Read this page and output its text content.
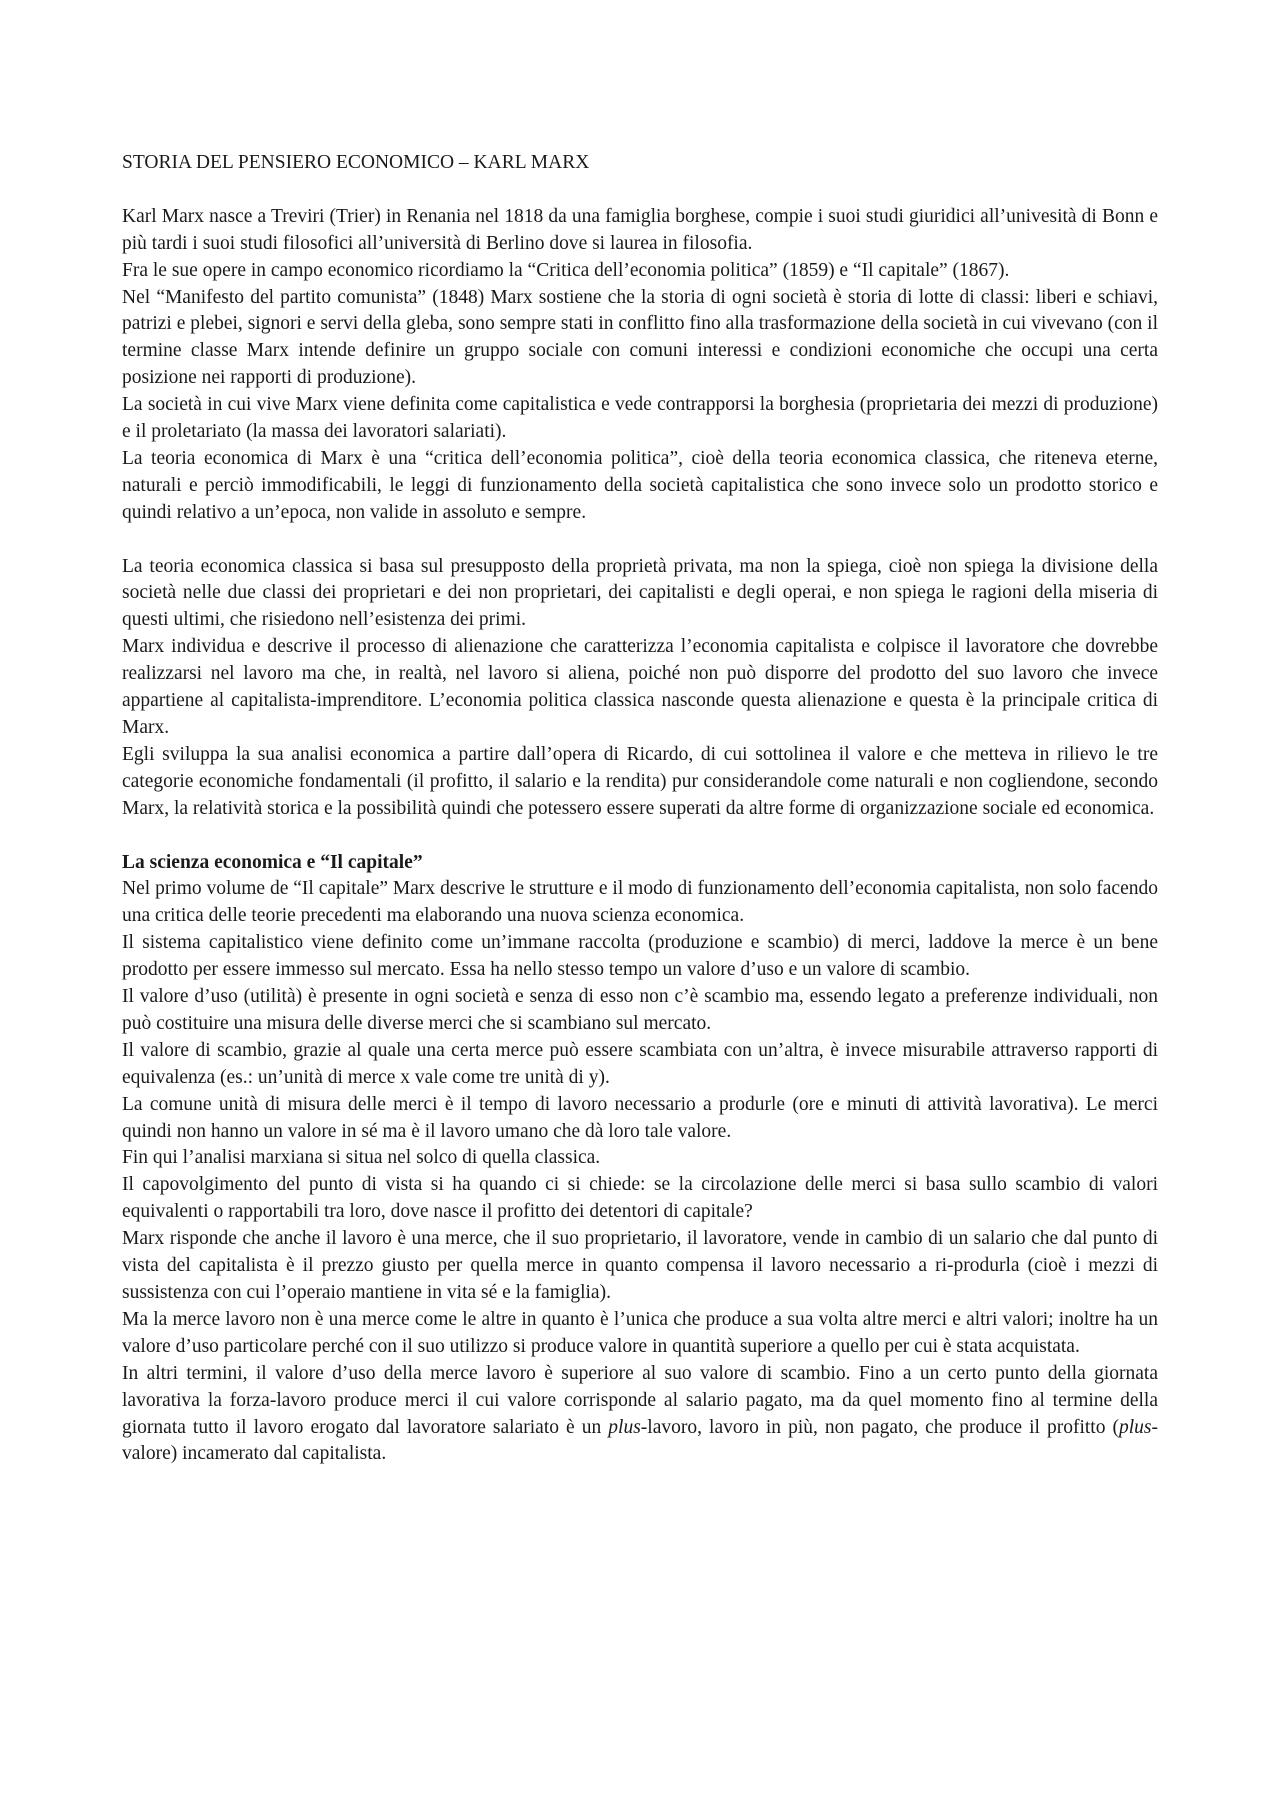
STORIA DEL PENSIERO ECONOMICO – KARL MARX

Karl Marx nasce a Treviri (Trier) in Renania nel 1818 da una famiglia borghese, compie i suoi studi giuridici all’univesità di Bonn e più tardi i suoi studi filosofici all’università di Berlino dove si laurea in filosofia.

Fra le sue opere in campo economico ricordiamo la “Critica dell’economia politica” (1859) e “Il capitale” (1867).

Nel “Manifesto del partito comunista” (1848) Marx sostiene che la storia di ogni società è storia di lotte di classi: liberi e schiavi, patrizi e plebei, signori e servi della gleba, sono sempre stati in conflitto fino alla trasformazione della società in cui vivevano (con il termine classe Marx intende definire un gruppo sociale con comuni interessi e condizioni economiche che occupi una certa posizione nei rapporti di produzione).

La società in cui vive Marx viene definita come capitalistica e vede contrapporsi la borghesia (proprietaria dei mezzi di produzione) e il proletariato (la massa dei lavoratori salariati).

La teoria economica di Marx è una “critica dell’economia politica”, cioè della teoria economica classica, che riteneva eterne, naturali e perciò immodificabili, le leggi di funzionamento della società capitalistica che sono invece solo un prodotto storico e quindi relativo a un’epoca, non valide in assoluto e sempre.

La teoria economica classica si basa sul presupposto della proprietà privata, ma non la spiega, cioè non spiega la divisione della società nelle due classi dei proprietari e dei non proprietari, dei capitalisti e degli operai, e non spiega le ragioni della miseria di questi ultimi, che risiedono nell’esistenza dei primi.

Marx individua e descrive il processo di alienazione che caratterizza l’economia capitalista e colpisce il lavoratore che dovrebbe realizzarsi nel lavoro ma che, in realtà, nel lavoro si aliena, poiché non può disporre del prodotto del suo lavoro che invece appartiene al capitalista-imprenditore. L’economia politica classica nasconde questa alienazione e questa è la principale critica di Marx.

Egli sviluppa la sua analisi economica a partire dall’opera di Ricardo, di cui sottolinea il valore e che metteva in rilievo le tre categorie economiche fondamentali (il profitto, il salario e la rendita) pur considerandole come naturali e non cogliendone, secondo Marx, la relatività storica e la possibilità quindi che potessero essere superati da altre forme di organizzazione sociale ed economica.

La scienza economica e “Il capitale”

Nel primo volume de “Il capitale” Marx descrive le strutture e il modo di funzionamento dell’economia capitalista, non solo facendo una critica delle teorie precedenti ma elaborando una nuova scienza economica.

Il sistema capitalistico viene definito come un’immane raccolta (produzione e scambio) di merci, laddove la merce è un bene prodotto per essere immesso sul mercato. Essa ha nello stesso tempo un valore d’uso e un valore di scambio.

Il valore d’uso (utilità) è presente in ogni società e senza di esso non c’è scambio ma, essendo legato a preferenze individuali, non può costituire una misura delle diverse merci che si scambiano sul mercato.

Il valore di scambio, grazie al quale una certa merce può essere scambiata con un’altra, è invece misurabile attraverso rapporti di equivalenza (es.: un’unità di merce x vale come tre unità di y).

La comune unità di misura delle merci è il tempo di lavoro necessario a produrle (ore e minuti di attività lavorativa). Le merci quindi non hanno un valore in sé ma è il lavoro umano che dà loro tale valore.

Fin qui l’analisi marxiana si situa nel solco di quella classica.

Il capovolgimento del punto di vista si ha quando ci si chiede: se la circolazione delle merci si basa sullo scambio di valori equivalenti o rapportabili tra loro, dove nasce il profitto dei detentori di capitale?

Marx risponde che anche il lavoro è una merce, che il suo proprietario, il lavoratore, vende in cambio di un salario che dal punto di vista del capitalista è il prezzo giusto per quella merce in quanto compensa il lavoro necessario a ri-produrla (cioè i mezzi di sussistenza con cui l’operaio mantiene in vita sé e la famiglia).

Ma la merce lavoro non è una merce come le altre in quanto è l’unica che produce a sua volta altre merci e altri valori; inoltre ha un valore d’uso particolare perché con il suo utilizzo si produce valore in quantità superiore a quello per cui è stata acquistata.

In altri termini, il valore d’uso della merce lavoro è superiore al suo valore di scambio. Fino a un certo punto della giornata lavorativa la forza-lavoro produce merci il cui valore corrisponde al salario pagato, ma da quel momento fino al termine della giornata tutto il lavoro erogato dal lavoratore salariato è un plus-lavoro, lavoro in più, non pagato, che produce il profitto (plus-valore) incamerato dal capitalista.
